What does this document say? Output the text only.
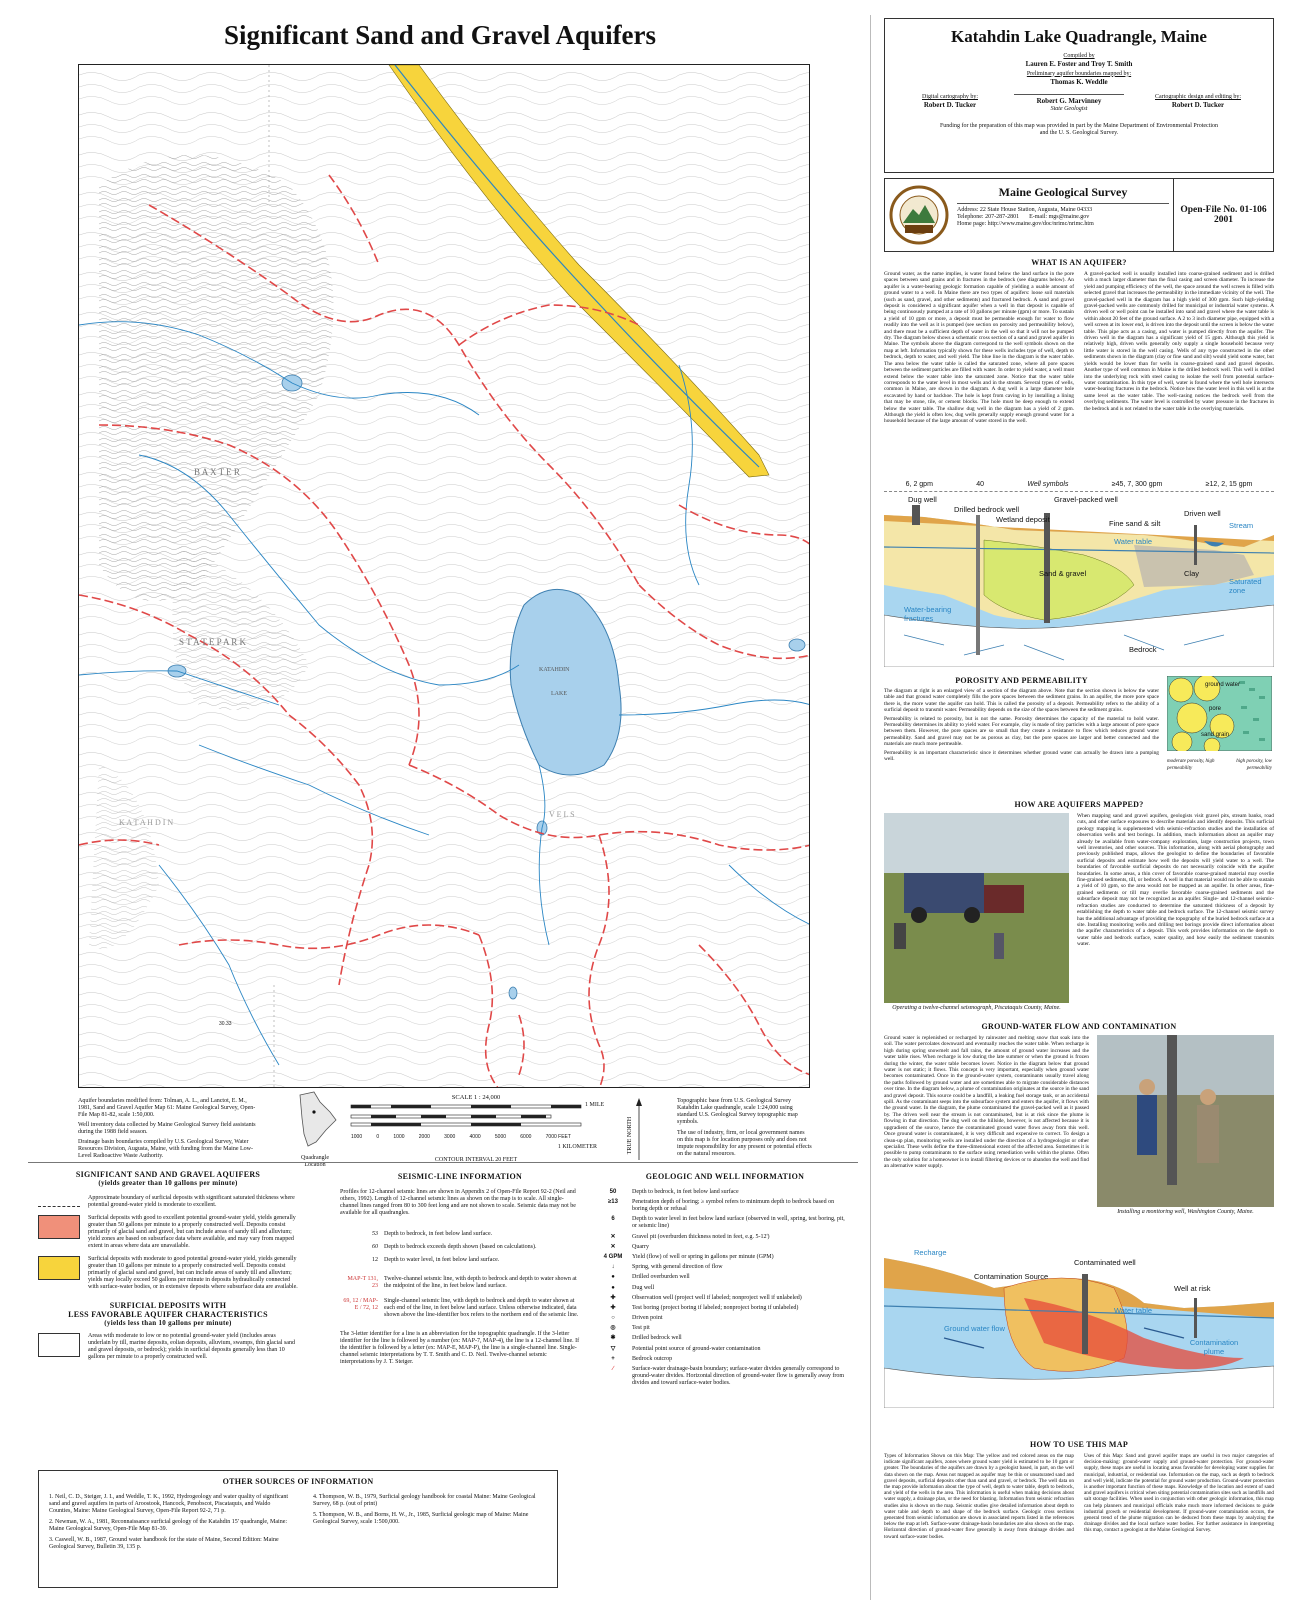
Significant Sand and Gravel Aquifers
B A X T E R
S T A T E P A R K
KATAHDIN
LAKE
K A T A H D I N
V E L S
30.33

Aquifer boundaries modified from: Tolman, A. L., and Lanctot, E. M., 1981, Sand and Gravel Aquifer Map 61: Maine Geological Survey, Open-File Map 81-82, scale 1:50,000.

Well inventory data collected by Maine Geological Survey field assistants during the 1988 field season.

Drainage basin boundaries compiled by U.S. Geological Survey, Water Resources Division, Augusta, Maine, with funding from the Maine Low-Level Radioactive Waste Authority.	Quadrangle Location
SCALE 1 : 24,000
1 MILE
1000	0	1000	2000	3000	4000	5000	6000	7000 FEET
1 KILOMETER
CONTOUR INTERVAL 20 FEET
TRUE NORTH

Topographic base from U.S. Geological Survey Katahdin Lake quadrangle, scale 1:24,000 using standard U.S. Geological Survey topographic map symbols.

The use of industry, firm, or local government names on this map is for location purposes only and does not impute responsibility for any present or potential effects on the natural resources.

SIGNIFICANT SAND AND GRAVEL AQUIFERS
(yields greater than 10 gallons per minute)
Approximate boundary of surficial deposits with significant saturated thickness where potential ground-water yield is moderate to excellent.
Surficial deposits with good to excellent potential ground-water yield, yields generally greater than 50 gallons per minute to a properly constructed well. Deposits consist primarily of glacial sand and gravel, but can include areas of sandy till and alluvium; yield zones are based on subsurface data where available, and may vary from mapped extent in areas where data are unavailable.
Surficial deposits with moderate to good potential ground-water yield, yields generally greater than 10 gallons per minute to a properly constructed well. Deposits consist primarily of glacial sand and gravel, but can include areas of sandy till and alluvium; yields may locally exceed 50 gallons per minute in deposits hydraulically connected with surface-water bodies, or in extensive deposits where subsurface data are available.
SURFICIAL DEPOSITS WITH
LESS FAVORABLE AQUIFER CHARACTERISTICS
(yields less than 10 gallons per minute)
Areas with moderate to low or no potential ground-water yield (includes areas underlain by till, marine deposits, eolian deposits, alluvium, swamps, thin glacial sand and gravel deposits, or bedrock); yields in surficial deposits generally less than 10 gallons per minute to a properly constructed well.
SEISMIC-LINE INFORMATION

Profiles for 12-channel seismic lines are shown in Appendix 2 of Open-File Report 92-2 (Neil and others, 1992). Length of 12-channel seismic lines as shown on the map is to scale. All single-channel lines ranged from 80 to 300 feet long and are not shown to scale. Seismic data may not be available for all quadrangles.

53 Depth to bedrock, in feet below land surface.
60 Depth to bedrock exceeds depth shown (based on calculations).
12 Depth to water level, in feet below land surface.
MAP-T 131, 23
Twelve-channel seismic line, with depth to bedrock and depth to water shown at the midpoint of the line, in feet below land surface.
69, 12 / MAP-E / 72, 12
Single-channel seismic line, with depth to bedrock and depth to water shown at each end of the line, in feet below land surface. Unless otherwise indicated, data shown above the line-identifier box refers to the northern end of the seismic line.

The 3-letter identifier for a line is an abbreviation for the topographic quadrangle. If the 3-letter identifier for the line is followed by a number (ex: MAP-7, MAP-4), the line is a 12-channel line. If the identifier is followed by a letter (ex: MAP-E, MAP-P), the line is a single-channel line. Single-channel seismic interpretations by T. T. Smith and C. D. Neil. Twelve-channel seismic interpretations by J. T. Steiger.

GEOLOGIC AND WELL INFORMATION
50	Depth to bedrock, in feet below land surface
≥13	Penetration depth of boring; ≥ symbol refers to minimum depth to bedrock based on boring depth or refusal
6	Depth to water level in feet below land surface (observed in well, spring, test boring, pit, or seismic line)
✕	Gravel pit (overburden thickness noted in feet, e.g. 5-12')
✕	Quarry
4 GPM	Yield (flow) of well or spring in gallons per minute (GPM)
↓	Spring, with general direction of flow
●	Drilled overburden well
●	Dug well
✚	Observation well (project well if labeled; nonproject well if unlabeled)
✚	Test boring (project boring if labeled; nonproject boring if unlabeled)
○	Driven point
◎	Test pit
✱	Drilled bedrock well
▽	Potential point source of ground-water contamination
+	Bedrock outcrop
∕	Surface-water drainage-basin boundary; surface-water divides generally correspond to ground-water divides. Horizontal direction of ground-water flow is generally away from divides and toward surface-water bodies.
OTHER SOURCES OF INFORMATION

1. Neil, C. D., Steiger, J. I., and Weddle, T. K., 1992, Hydrogeology and water quality of significant sand and gravel aquifers in parts of Aroostook, Hancock, Penobscot, Piscataquis, and Waldo Counties, Maine: Maine Geological Survey, Open-File Report 92-2, 71 p.

2. Newman, W. A., 1981, Reconnaissance surficial geology of the Katahdin 15' quadrangle, Maine: Maine Geological Survey, Open-File Map 81-39.

3. Caswell, W. B., 1987, Ground water handbook for the state of Maine, Second Edition: Maine Geological Survey, Bulletin 39, 135 p.

4. Thompson, W. B., 1979, Surficial geology handbook for coastal Maine: Maine Geological Survey, 68 p. (out of print)

5. Thompson, W. B., and Borns, H. W., Jr., 1985, Surficial geologic map of Maine: Maine Geological Survey, scale 1:500,000.

Katahdin Lake Quadrangle, Maine
Compiled by
Lauren E. Foster and Troy T. Smith
Preliminary aquifer boundaries mapped by:
Thomas K. Weddle
Digital cartography by:
Robert D. Tucker	Robert G. Marvinney
State Geologist
Cartographic design and editing by:
Robert D. Tucker
Funding for the preparation of this map was provided in part by the Maine Department of Environmental Protection and the U. S. Geological Survey.
Maine Geological Survey
Address: 22 State House Station, Augusta, Maine 04333
Telephone: 207-287-2801 E-mail: mgs@maine.gov
Home page: http://www.maine.gov/doc/nrimc/nrimc.htm
Open-File No. 01-106
2001
WHAT IS AN AQUIFER?

Ground water, as the name implies, is water found below the land surface in the pore spaces between sand grains and in fractures in the bedrock (see diagrams below). An aquifer is a water-bearing geologic formation capable of yielding a usable amount of ground water to a well. In Maine there are two types of aquifers: loose soil materials (such as sand, gravel, and other sediments) and fractured bedrock. A sand and gravel deposit is considered a significant aquifer when a well in that deposit is capable of being continuously pumped at a rate of 10 gallons per minute (gpm) or more. To sustain a yield of 10 gpm or more, a deposit must be permeable enough for water to flow readily into the well as it is pumped (see section on porosity and permeability below), and there must be a sufficient depth of water in the well so that it will not be pumped dry. The diagram below shows a schematic cross section of a sand and gravel aquifer in Maine. The symbols above the diagram correspond to the well symbols shown on the map at left. Information typically shown for these wells includes type of well, depth to bedrock, depth to water, and well yield. The blue line in the diagram is the water table. The area below the water table is called the saturated zone, where all pore spaces between the sediment particles are filled with water. In order to yield water, a well must extend below the water table into the saturated zone. Notice that the water table corresponds to the water level in most wells and in the stream. Several types of wells, common in Maine, are shown in the diagram. A dug well is a large diameter hole excavated by hand or backhoe. The hole is kept from caving in by installing a lining that may be stone, tile, or cement blocks. The hole must be deep enough to extend below the water table. The shallow dug well in the diagram has a yield of 2 gpm. Although the yield is often low, dug wells generally supply enough ground water for a household because of the large amount of water stored in the well.

A gravel-packed well is usually installed into coarse-grained sediment and is drilled with a much larger diameter than the final casing and screen diameter. To increase the yield and pumping efficiency of the well, the space around the well screen is filled with selected gravel that increases the permeability in the immediate vicinity of the well. The gravel-packed well in the diagram has a high yield of 300 gpm. Such high-yielding gravel-packed wells are commonly drilled for municipal or industrial water systems. A driven well or well point can be installed into sand and gravel where the water table is within about 20 feet of the ground surface. A 2 to 3 inch diameter pipe, equipped with a well screen at its lower end, is driven into the deposit until the screen is below the water table. This pipe acts as a casing, and water is pumped directly from the aquifer. The driven well in the diagram has a significant yield of 15 gpm. Although this yield is relatively high, driven wells generally only supply a single household because very little water is stored in the well casing. Wells of any type constructed in the other sediments shown in the diagram (clay or fine sand and silt) would yield some water, but yields would be lower than for wells in coarse-grained sand and gravel deposits. Another type of well common in Maine is the drilled bedrock well. This well is drilled into the underlying rock with steel casing to isolate the well from potential surface-water contamination. In this type of well, water is found where the well hole intersects water-bearing fractures in the bedrock. Notice how the water level in this well is at the same level as the water table. The well-casing notices the bedrock well from the overlying sediments. The water level is controlled by water pressure in the fractures in the bedrock and is not related to the water table in the overlying materials.

6, 2 gpm	40	Well symbols	≥45, 7, 300 gpm	≥12, 2, 15 gpm
Dug well
Drilled bedrock well
Gravel-packed well
Wetland deposit	Fine sand & silt
Driven well
Stream
Water table
Sand & gravel	Clay
Saturated zone
Water-bearing fractures
Bedrock
POROSITY AND PERMEABILITY

The diagram at right is an enlarged view of a section of the diagram above. Note that the section shown is below the water table and that ground water completely fills the pore spaces between the sediment grains. In an aquifer, the more pore space there is, the more water the aquifer can hold. This is called the porosity of a deposit. Permeability refers to the ability of a surficial deposit to transmit water. Permeability depends on the size of the spaces between the sediment grains.

Permeability is related to porosity, but is not the same. Porosity determines the capacity of the material to hold water. Permeability determines its ability to yield water. For example, clay is made of tiny particles with a large amount of pore space between them. However, the pore spaces are so small that they create a resistance to flow which reduces ground water permeability. Sand and gravel may not be as porous as clay, but the pore spaces are larger and better connected and the materials are much more permeable.

Permeability is an important characteristic since it determines whether ground water can actually be drawn into a pumping well.

ground water
pore
sand grain
moderate porosity, high permeability
high porosity, low permeability
HOW ARE AQUIFERS MAPPED?
Operating a twelve-channel seismograph, Piscataquis County, Maine.

When mapping sand and gravel aquifers, geologists visit gravel pits, stream banks, road cuts, and other surface exposures to describe materials and identify deposits. This surficial geology mapping is supplemented with seismic-refraction studies and the installation of observation wells and test borings. In addition, much information about an aquifer may already be available from water-company exploration, large construction projects, town well inventories, and other sources. This information, along with aerial photography and previously published maps, allows the geologist to define the boundaries of favorable surficial deposits and estimate how well the deposits will yield water to a well. The boundaries of favorable surficial deposits do not necessarily coincide with the aquifer boundaries. In some areas, a thin cover of favorable coarse-grained material may overlie fine-grained sediments, till, or bedrock. A well in that material would not be able to sustain a yield of 10 gpm, so the area would not be mapped as an aquifer. In other areas, fine-grained sediments or till may overlie favorable coarse-grained sediments and the subsurface deposit may not be recognized as an aquifer. Single- and 12-channel seismic-refraction studies are conducted to determine the saturated thickness of a deposit by establishing the depth to water table and bedrock surface. The 12-channel seismic survey has the additional advantage of providing the topography of the buried bedrock surface at a site. Installing monitoring wells and drilling test borings provide direct information about the aquifer characteristics of a deposit. This work provides information on the depth to water table and bedrock surface, water quality, and how easily the sediment transmits water.

GROUND-WATER FLOW AND CONTAMINATION

Ground water is replenished or recharged by rainwater and melting snow that soak into the soil. The water percolates downward and eventually reaches the water table. When recharge is high during spring snowmelt and fall rains, the amount of ground water increases and the water table rises. When recharge is low during the late summer or when the ground is frozen during the winter, the water table becomes lower. Notice in the diagram below that ground water is not static; it flows. This concept is very important, especially when ground water becomes contaminated. Once in the ground-water system, contaminants usually travel along the paths followed by ground water and are sometimes able to migrate considerable distances over time. In the diagram below, a plume of contamination originates at the source in the sand and gravel deposit. This source could be a landfill, a leaking fuel storage tank, or an accidental spill. As the contaminant seeps into the subsurface system and enters the aquifer, it flows with the ground water. In the diagram, the plume contaminated the gravel-packed well as it passed by. The driven well near the stream is not contaminated, but is at risk since the plume is flowing in that direction. The dug well on the hillside, however, is not affected because it is upgradient of the source, hence the contaminated ground water flows away from this well. Once ground water is contaminated, it is very difficult and expensive to correct. To design a clean-up plan, monitoring wells are installed under the direction of a hydrogeologist or other specialist. These wells define the three-dimensional extent of the affected area. Sometimes it is possible to pump contaminants to the surface using remediation wells within the plume. Often the only solution for a homeowner is to install filtering devices or to abandon the well and find an alternative water supply.

Installing a monitoring well, Washington County, Maine.
Recharge
Contamination Source
Contaminated well
Well at risk
Water table
Ground water flow
Contamination plume
HOW TO USE THIS MAP

Types of Information Shown on this Map: The yellow and red colored areas on the map indicate significant aquifers, zones where ground water yield is estimated to be 10 gpm or greater. The boundaries of the aquifers are drawn by a geologist based, in part, on the well data shown on the map. Areas not mapped as aquifer may be thin or unsaturated sand and gravel deposits, surficial deposits other than sand and gravel, or bedrock. The well data on the map provide information about the type of well, depth to water table, depth to bedrock, and yield of the wells in the area. This information is useful when making decisions about water supply, a drainage plan, or the need for blasting. Information from seismic refraction studies also is shown on the map. Seismic studies give detailed information about depth to water table and depth to and shape of the bedrock surface. Geologic cross sections generated from seismic information are shown in associated reports listed in the references below the map at left. Surface-water drainage-basin boundaries are also shown on the map. Horizontal direction of ground-water flow generally is away from drainage divides and toward surface-water bodies.

Uses of this Map: Sand and gravel aquifer maps are useful in two major categories of decision-making: ground-water supply and ground-water protection. For ground-water supply, these maps are useful in locating areas favorable for developing water supplies for municipal, industrial, or residential use. Information on the map, such as depth to bedrock and well yield, indicate the potential for ground water production. Ground-water protection is another important function of these maps. Knowledge of the location and extent of sand and gravel aquifers is critical when siting potential contamination sites such as landfills and salt storage facilities. When used in conjunction with other geologic information, this map can help planners and municipal officials make much more informed decisions to guide industrial growth or residential development. If ground-water contamination occurs, the general trend of the plume migration can be deduced from these maps by analyzing the drainage divides and the local surface water bodies. For further assistance in interpreting this map, contact a geologist at the Maine Geological Survey.
